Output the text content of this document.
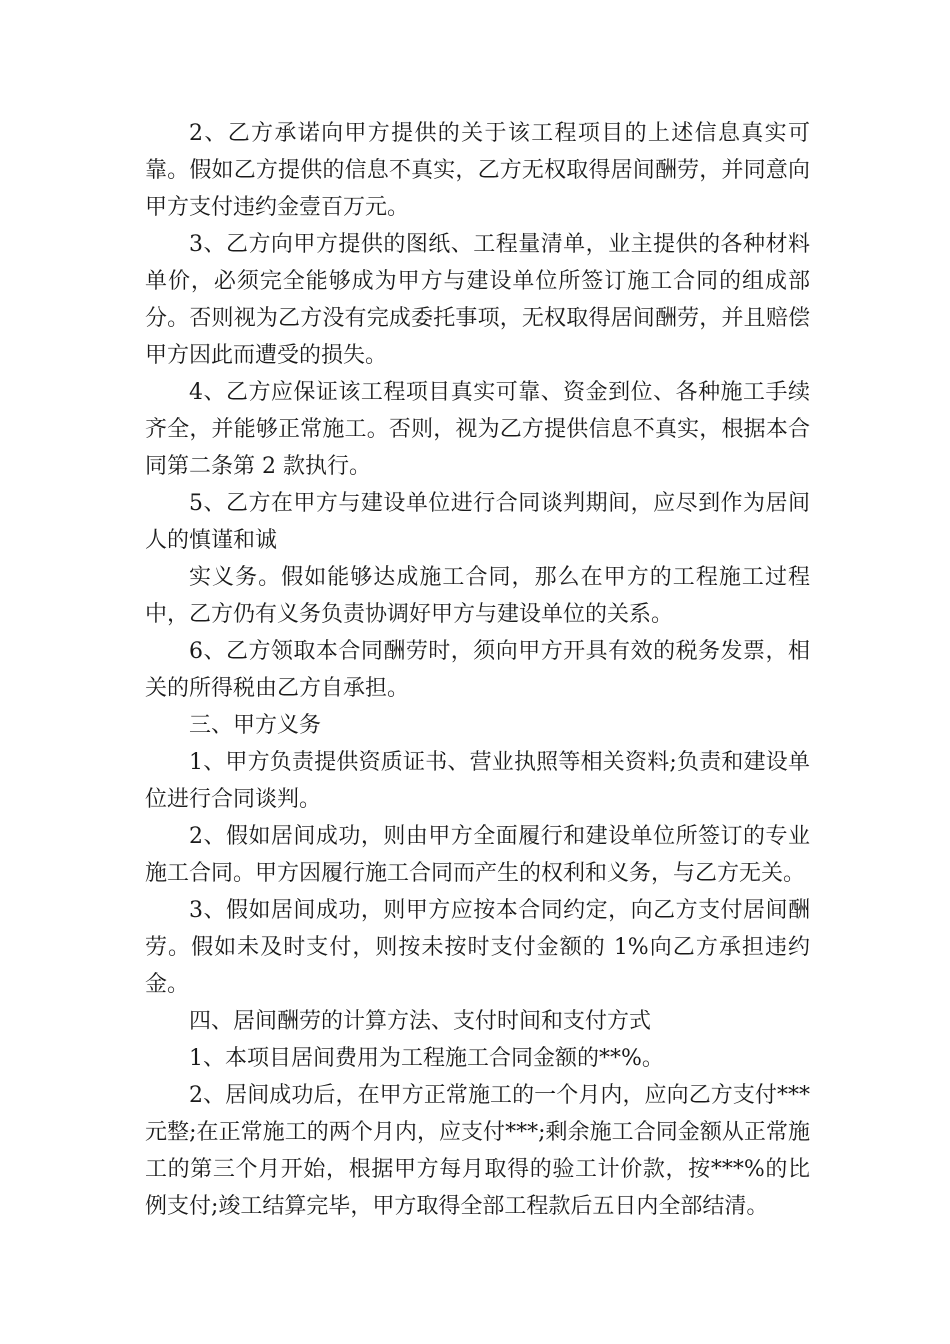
2、乙方承诺向甲方提供的关于该工程项目的上述信息真实可靠。假如乙方提供的信息不真实，乙方无权取得居间酬劳，并同意向甲方支付违约金壹百万元。

3、乙方向甲方提供的图纸、工程量清单，业主提供的各种材料单价，必须完全能够成为甲方与建设单位所签订施工合同的组成部分。否则视为乙方没有完成委托事项，无权取得居间酬劳，并且赔偿甲方因此而遭受的损失。

4、乙方应保证该工程项目真实可靠、资金到位、各种施工手续齐全，并能够正常施工。否则，视为乙方提供信息不真实，根据本合同第二条第 2 款执行。

5、乙方在甲方与建设单位进行合同谈判期间，应尽到作为居间人的慎谨和诚

实义务。假如能够达成施工合同，那么在甲方的工程施工过程中，乙方仍有义务负责协调好甲方与建设单位的关系。

6、乙方领取本合同酬劳时，须向甲方开具有效的税务发票，相关的所得税由乙方自承担。

三、甲方义务

1、甲方负责提供资质证书、营业执照等相关资料;负责和建设单位进行合同谈判。

2、假如居间成功，则由甲方全面履行和建设单位所签订的专业施工合同。甲方因履行施工合同而产生的权利和义务，与乙方无关。

3、假如居间成功，则甲方应按本合同约定，向乙方支付居间酬劳。假如未及时支付，则按未按时支付金额的 1%向乙方承担违约金。

四、居间酬劳的计算方法、支付时间和支付方式

1、本项目居间费用为工程施工合同金额的**%。

2、居间成功后，在甲方正常施工的一个月内，应向乙方支付***元整;在正常施工的两个月内，应支付***;剩余施工合同金额从正常施工的第三个月开始，根据甲方每月取得的验工计价款，按***%的比例支付;竣工结算完毕，甲方取得全部工程款后五日内全部结清。
